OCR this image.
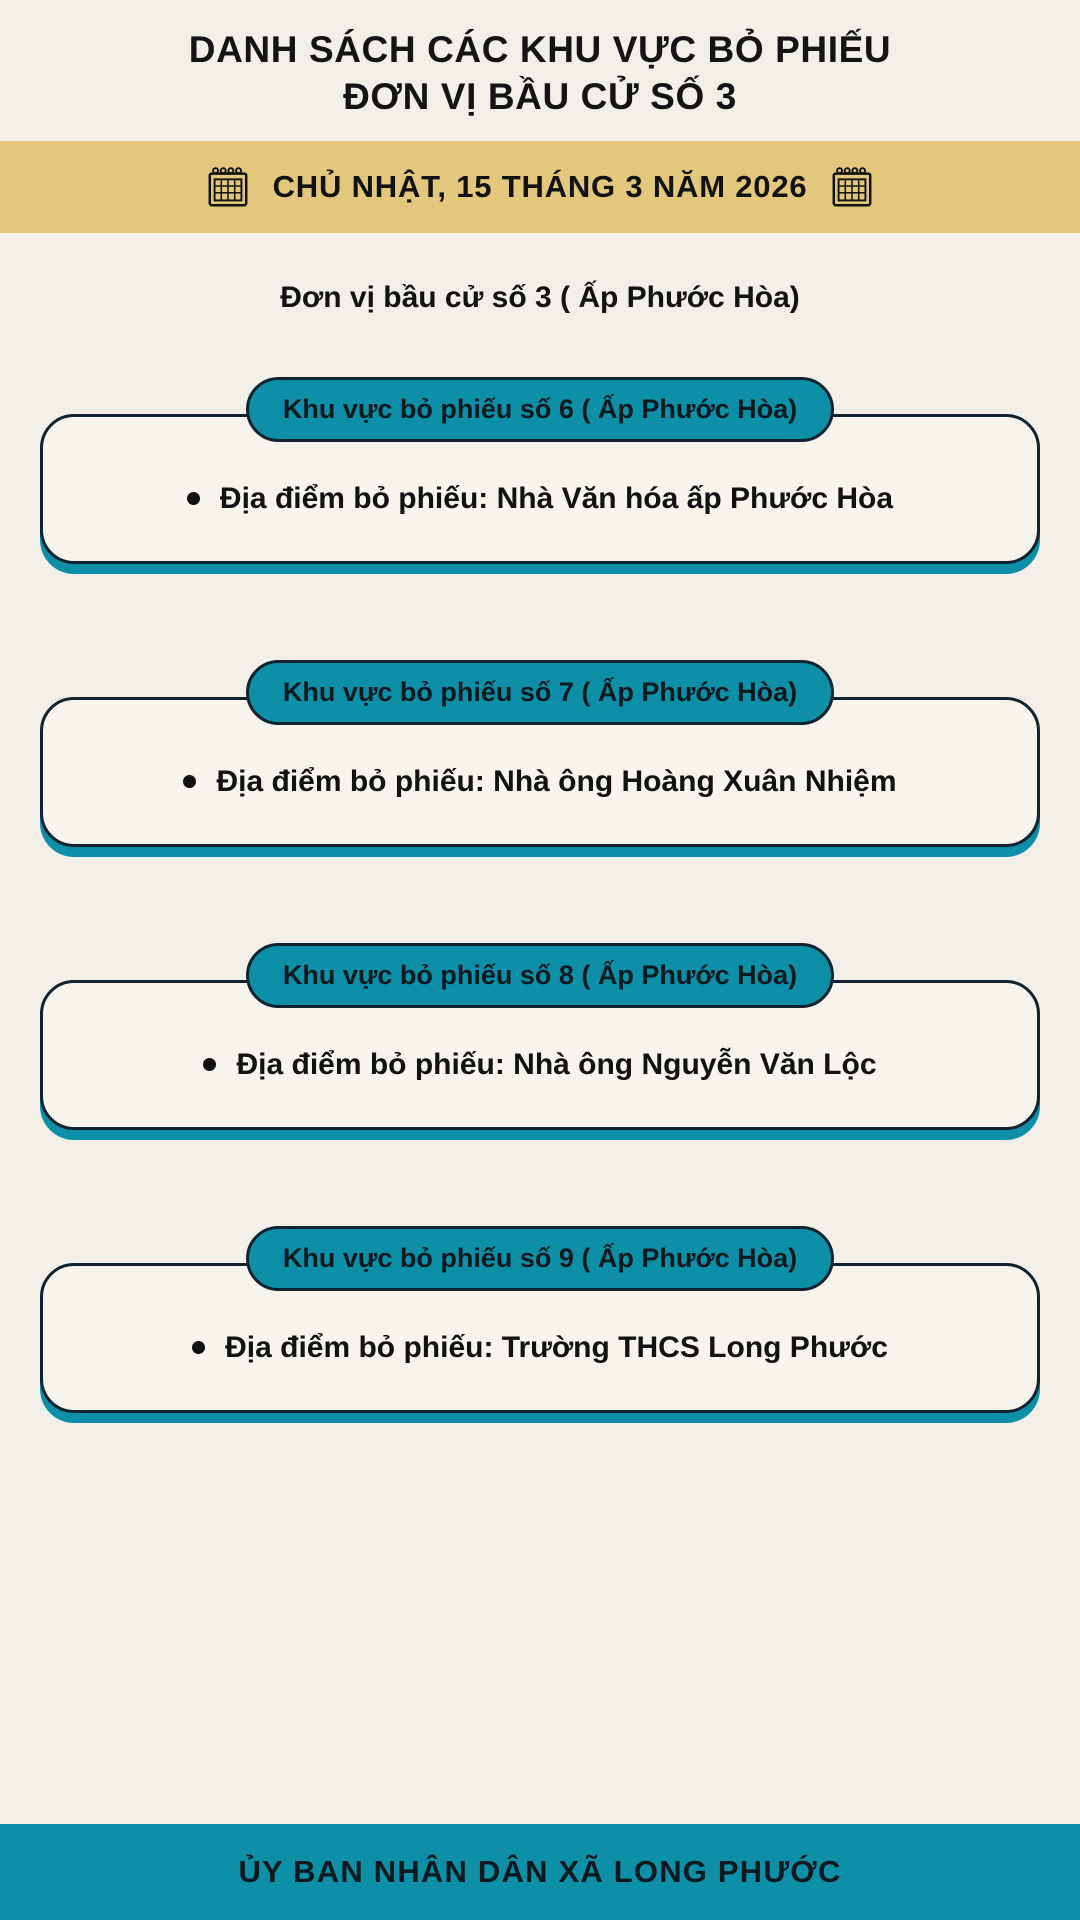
DANH SÁCH CÁC KHU VỰC BỎ PHIẾU
ĐƠN VỊ BẦU CỬ SỐ 3
CHỦ NHẬT, 15 THÁNG 3 NĂM 2026
Đơn vị bầu cử số 3 ( Ấp Phước Hòa)
Khu vực bỏ phiếu số 6 ( Ấp Phước Hòa)
Địa điểm bỏ phiếu: Nhà Văn hóa ấp Phước Hòa
Khu vực bỏ phiếu số 7 ( Ấp Phước Hòa)
Địa điểm bỏ phiếu: Nhà ông Hoàng Xuân Nhiệm
Khu vực bỏ phiếu số 8 ( Ấp Phước Hòa)
Địa điểm bỏ phiếu: Nhà ông Nguyễn Văn Lộc
Khu vực bỏ phiếu số 9 ( Ấp Phước Hòa)
Địa điểm bỏ phiếu: Trường THCS Long Phước
ỦY BAN NHÂN DÂN XÃ LONG PHƯỚC
